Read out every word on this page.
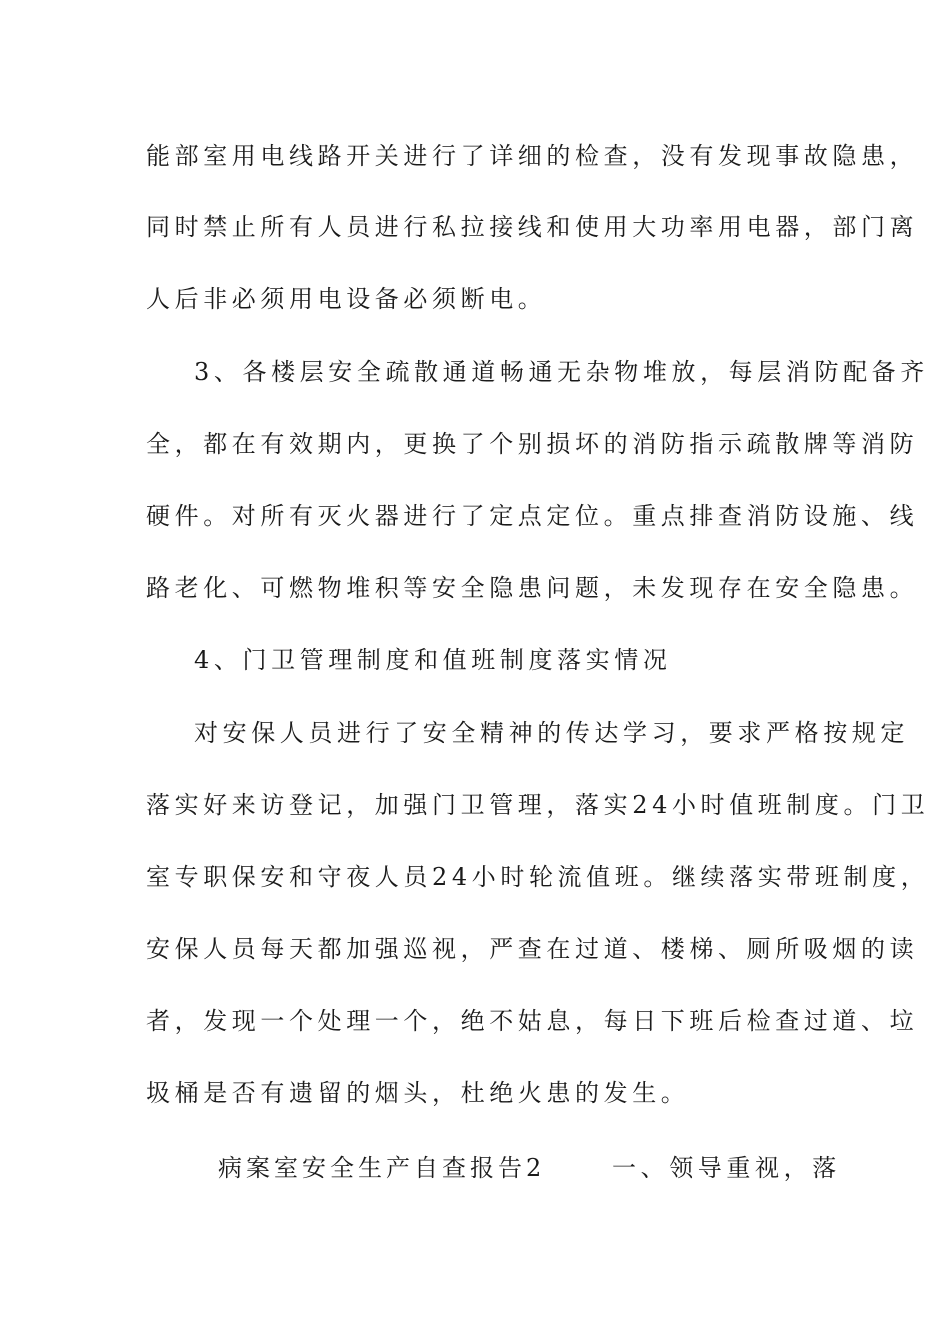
能部室用电线路开关进行了详细的检查，没有发现事故隐患，
同时禁止所有人员进行私拉接线和使用大功率用电器，部门离
人后非必须用电设备必须断电。
3、各楼层安全疏散通道畅通无杂物堆放，每层消防配备齐
全，都在有效期内，更换了个别损坏的消防指示疏散牌等消防
硬件。对所有灭火器进行了定点定位。重点排查消防设施、线
路老化、可燃物堆积等安全隐患问题，未发现存在安全隐患。
4、门卫管理制度和值班制度落实情况
对安保人员进行了安全精神的传达学习，要求严格按规定
落实好来访登记，加强门卫管理，落实24小时值班制度。门卫
室专职保安和守夜人员24小时轮流值班。继续落实带班制度，
安保人员每天都加强巡视，严查在过道、楼梯、厕所吸烟的读
者，发现一个处理一个，绝不姑息，每日下班后检查过道、垃
圾桶是否有遗留的烟头，杜绝火患的发生。
病案室安全生产自查报告2	一、领导重视，落
